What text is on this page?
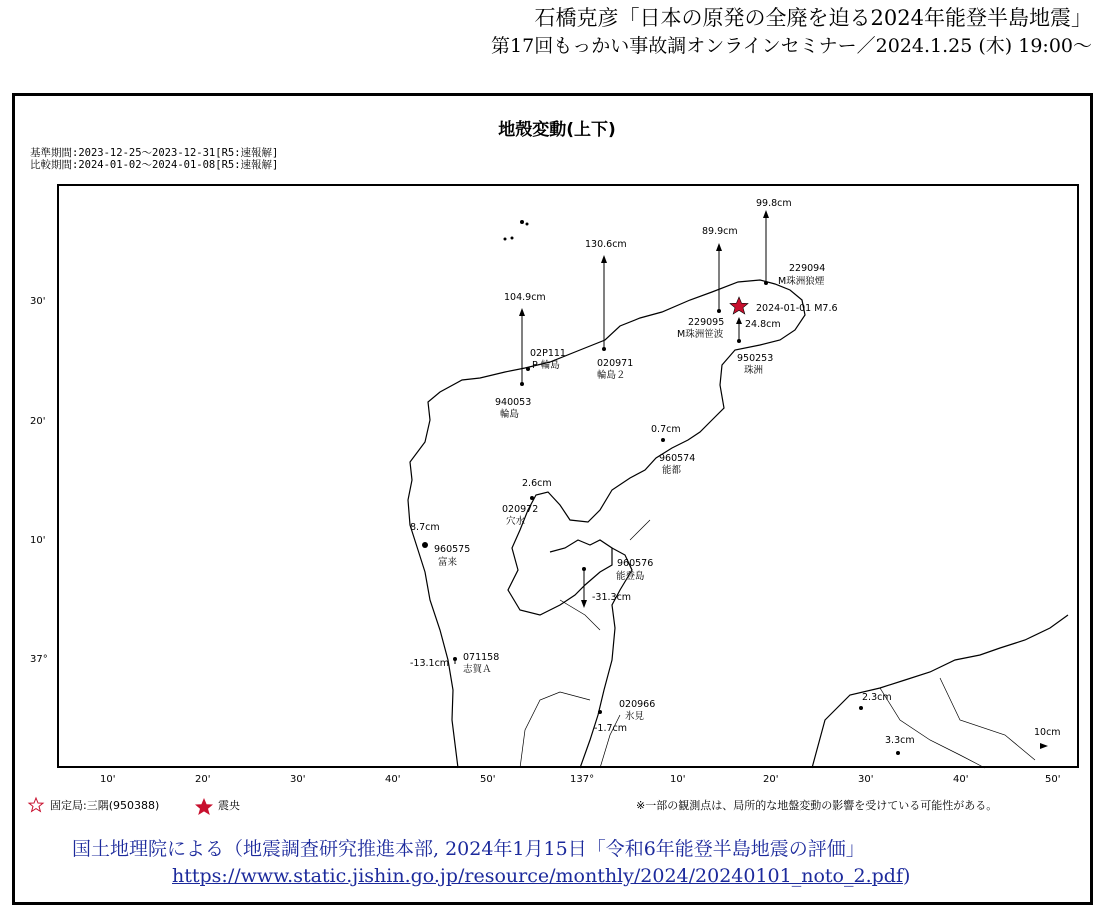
石橋克彦「日本の原発の全廃を迫る2024年能登半島地震」
第17回もっかい事故調オンラインセミナー／2024.1.25 (木) 19:00～
地殻変動(上下)
基準期間:2023-12-25～2023-12-31[R5:速報解]
比較期間:2024-01-02～2024-01-08[R5:速報解]
30'
20'
10'
37°
10'	20'	30'	40'	50'	137°	10'	20'	30'	40'	50'
104.9cm
940053
輪島
02P111
P 輪島
130.6cm
020971
輪島２
89.9cm
229095
M珠洲笹波
99.8cm
229094
M珠洲狼煙
24.8cm
950253
珠洲
0.7cm
960574
能都
2.6cm
020972
穴水
8.7cm
960575
富来
-31.3cm
960576
能登島
-13.1cm
071158
志賀Ａ
-1.7cm
020966
氷見
2.3cm
3.3cm
2024-01-01 M7.6
10cm
固定局:三隅(950388)	震央	※一部の観測点は、局所的な地盤変動の影響を受けている可能性がある。
国土地理院による（地震調査研究推進本部, 2024年1月15日「令和6年能登半島地震の評価」
https://www.static.jishin.go.jp/resource/monthly/2024/20240101_noto_2.pdf)
